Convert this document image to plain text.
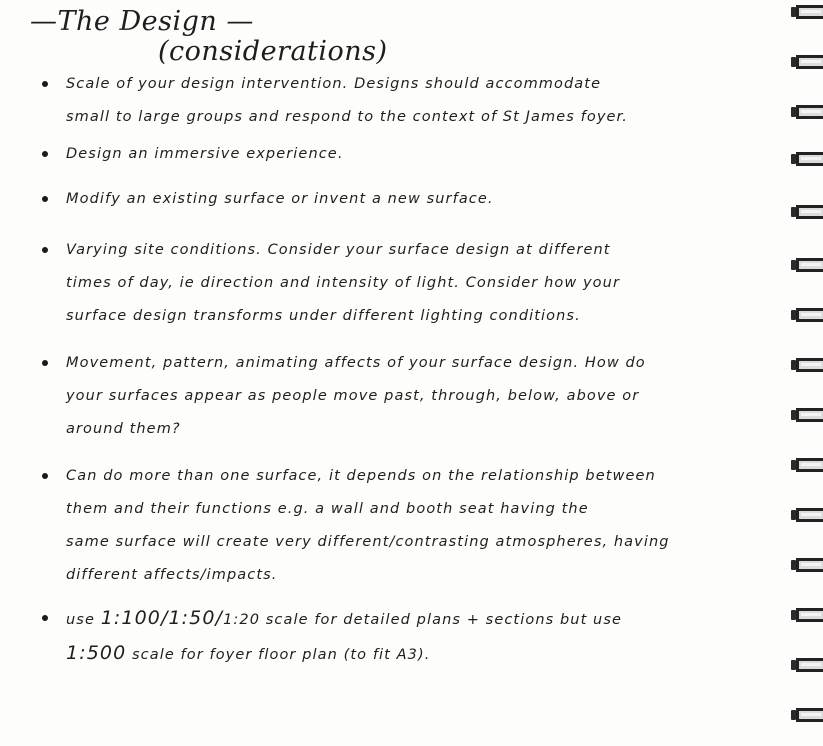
—The Design —
(considerations)
Scale of your design intervention. Designs should accommodate
small to large groups and respond to the context of St James foyer.
Design an immersive experience.
Modify an existing surface or invent a new surface.
Varying site conditions. Consider your surface design at different
times of day, ie direction and intensity of light. Consider how your
surface design transforms under different lighting conditions.
Movement, pattern, animating affects of your surface design. How do
your surfaces appear as people move past, through, below, above or
around them?
Can do more than one surface, it depends on the relationship between
them and their functions e.g. a wall and booth seat having the
same surface will create very different/contrasting atmospheres, having
different affects/impacts.
use 1:100/1:50/1:20 scale for detailed plans + sections but use
1:500 scale for foyer floor plan (to fit A3).
